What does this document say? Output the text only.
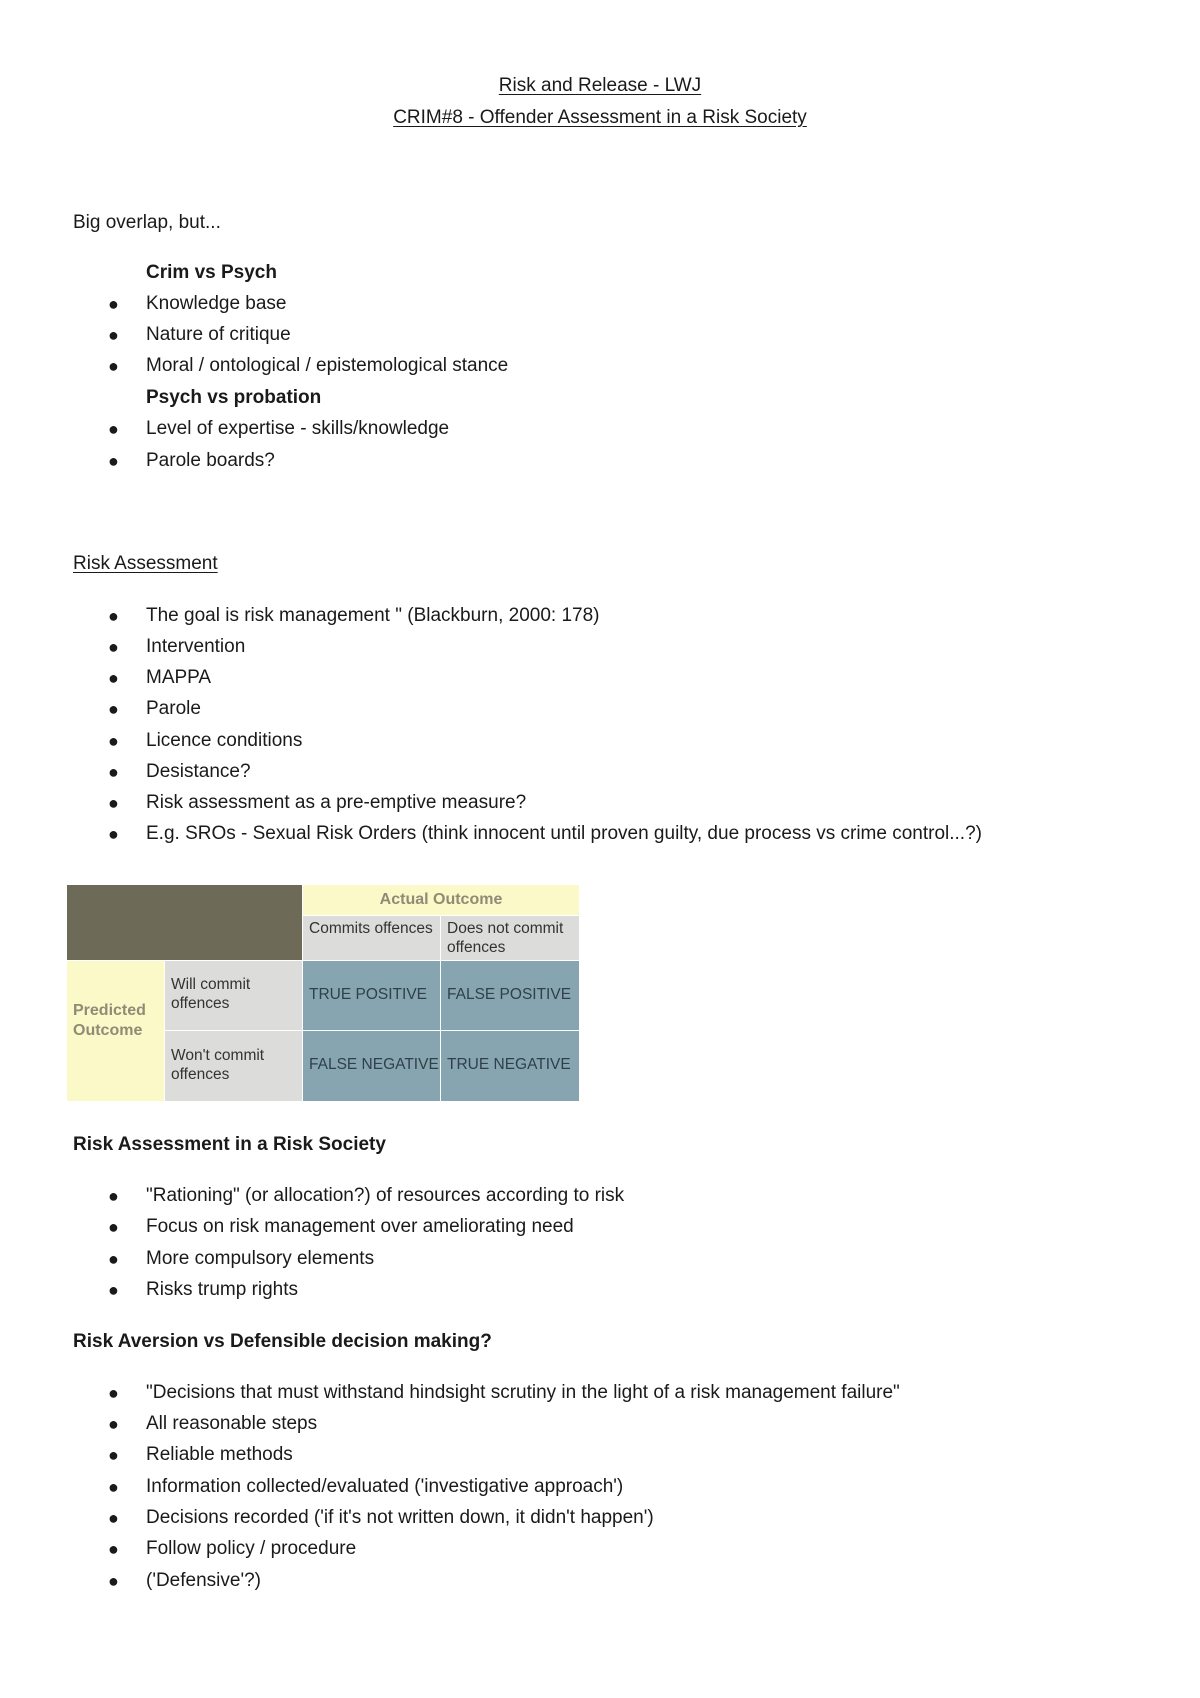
Risk and Release - LWJ
CRIM#8 - Offender Assessment in a Risk Society
Big overlap, but...
Crim vs Psych
● Knowledge base
● Nature of critique
● Moral / ontological / epistemological stance
Psych vs probation
● Level of expertise - skills/knowledge
● Parole boards?
Risk Assessment
● The goal is risk management " (Blackburn, 2000: 178)
● Intervention
● MAPPA
● Parole
● Licence conditions
● Desistance?
● Risk assessment as a pre-emptive measure?
● E.g. SROs - Sexual Risk Orders (think innocent until proven guilty, due process vs crime control...?)
Actual Outcome
Commits offences Does not commit
offences
Predicted
Outcome
Will commit
offences
Won't commit
offences
TRUE POSITIVE FALSE POSITIVE
FALSE NEGATIVE TRUE NEGATIVE
Risk Assessment in a Risk Society
● "Rationing" (or allocation?) of resources according to risk
● Focus on risk management over ameliorating need
● More compulsory elements
● Risks trump rights
Risk Aversion vs Defensible decision making?
● "Decisions that must withstand hindsight scrutiny in the light of a risk management failure"
● All reasonable steps
● Reliable methods
● Information collected/evaluated ('investigative approach')
● Decisions recorded ('if it's not written down, it didn't happen')
● Follow policy / procedure
● ('Defensive'?)
